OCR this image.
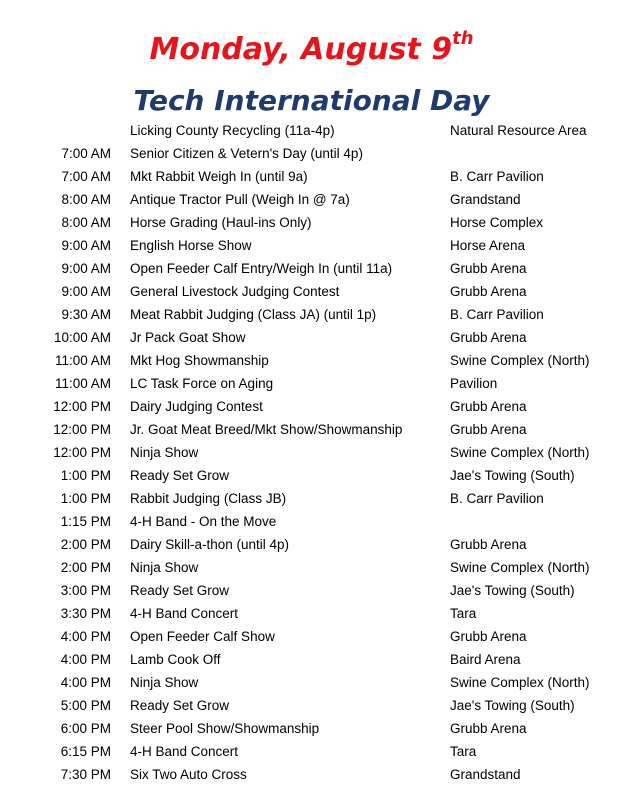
Monday, August 9th
Tech International Day
Licking County Recycling (11a-4p)	Natural Resource Area
7:00 AM Senior Citizen & Vetern's Day (until 4p)
7:00 AM Mkt Rabbit Weigh In (until 9a)	B. Carr Pavilion
8:00 AM Antique Tractor Pull (Weigh In @ 7a)	Grandstand
8:00 AM Horse Grading (Haul-ins Only)	Horse Complex
9:00 AM English Horse Show	Horse Arena
9:00 AM Open Feeder Calf Entry/Weigh In (until 11a)	Grubb Arena
9:00 AM General Livestock Judging Contest	Grubb Arena
9:30 AM Meat Rabbit Judging (Class JA) (until 1p)	B. Carr Pavilion
10:00 AM Jr Pack Goat Show	Grubb Arena
11:00 AM Mkt Hog Showmanship	Swine Complex (North)
11:00 AM LC Task Force on Aging	Pavilion
12:00 PM Dairy Judging Contest	Grubb Arena
12:00 PM Jr. Goat Meat Breed/Mkt Show/Showmanship	Grubb Arena
12:00 PM Ninja Show	Swine Complex (North)
1:00 PM Ready Set Grow	Jae's Towing (South)
1:00 PM Rabbit Judging (Class JB)	B. Carr Pavilion
1:15 PM 4-H Band - On the Move
2:00 PM Dairy Skill-a-thon (until 4p)	Grubb Arena
2:00 PM Ninja Show	Swine Complex (North)
3:00 PM Ready Set Grow	Jae's Towing (South)
3:30 PM 4-H Band Concert	Tara
4:00 PM Open Feeder Calf Show	Grubb Arena
4:00 PM Lamb Cook Off	Baird Arena
4:00 PM Ninja Show	Swine Complex (North)
5:00 PM Ready Set Grow	Jae's Towing (South)
6:00 PM Steer Pool Show/Showmanship	Grubb Arena
6:15 PM 4-H Band Concert	Tara
7:30 PM Six Two Auto Cross	Grandstand
